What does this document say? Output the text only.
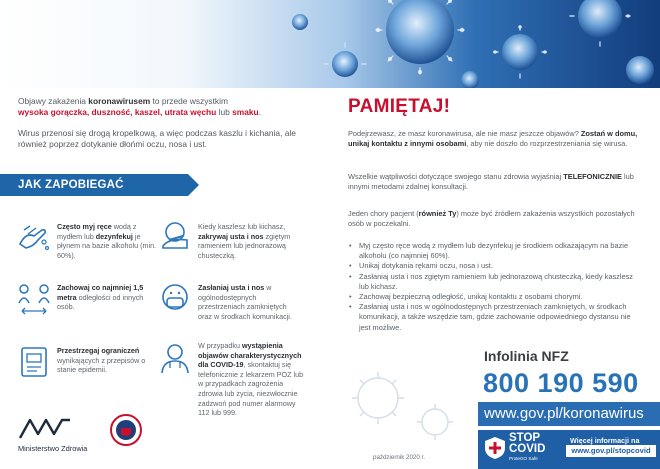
Objawy zakażenia koronawirusem to przede wszystkim
wysoka gorączka, duszność, kaszel, utrata węchu lub smaku.

Wirus przenosi się drogą kropelkową, a więc podczas kaszlu i kichania, ale również poprzez dotykanie dłońmi oczu, nosa i ust.

JAK ZAPOBIEGAĆ ZAKAŻENIU?
Często myj ręce wodą z mydłem lub dezynfekuj je płynem na bazie alkoholu (min. 60%).
Kiedy kaszlesz lub kichasz, zakrywaj usta i nos zgiętym ramieniem lub jednorazową chusteczką.
Zachowaj co najmniej 1,5 metra odległości od innych osób.
Zasłaniaj usta i nos w ogólnodostępnych przestrzeniach zamkniętych oraz w środkach komunikacji.
Przestrzegaj ograniczeń wynikających z przepisów o stanie epidemii.
W przypadku wystąpienia objawów charakterystycznych dla COVID-19, skontaktuj się telefonicznie z lekarzem POZ lub w przypadkach zagrożenia zdrowia lub życia, niezwłocznie zadzwoń pod numer alarmowy 112 lub 999.
Ministerstwo Zdrowia
PAMIĘTAJ!

Podejrzewasz, że masz koronawirusa, ale nie masz jeszcze objawów? Zostań w domu, unikaj kontaktu z innymi osobami, aby nie doszło do rozprzestrzeniania się wirusa.

Wszelkie wątpliwości dotyczące swojego stanu zdrowia wyjaśniaj TELEFONICZNIE lub innymi metodami zdalnej konsultacji.

Jeden chory pacjent (również Ty) może być źródłem zakażenia wszystkich pozostałych osób w poczekalni.

• Myj często ręce wodą z mydłem lub dezynfekuj je środkiem odkażającym na bazie alkoholu (co najmniej 60%).
• Unikaj dotykania rękami oczu, nosa i ust.
• Zasłaniaj usta i nos zgiętym ramieniem lub jednorazową chusteczką, kiedy kaszlesz lub kichasz.
• Zachowaj bezpieczną odległość, unikaj kontaktu z osobami chorymi.
• Zasłaniaj usta i nos w ogólnodostępnych przestrzeniach zamkniętych, w środkach komunikacji, a także wszędzie tam, gdzie zachowanie odpowiedniego dystansu nie jest możliwe.
październik 2020 r.
Infolinia NFZ
800 190 590
www.gov.pl/koronawirus
STOP
COVID
ProteGO Safe
Więcej informacji na
www.gov.pl/stopcovid
